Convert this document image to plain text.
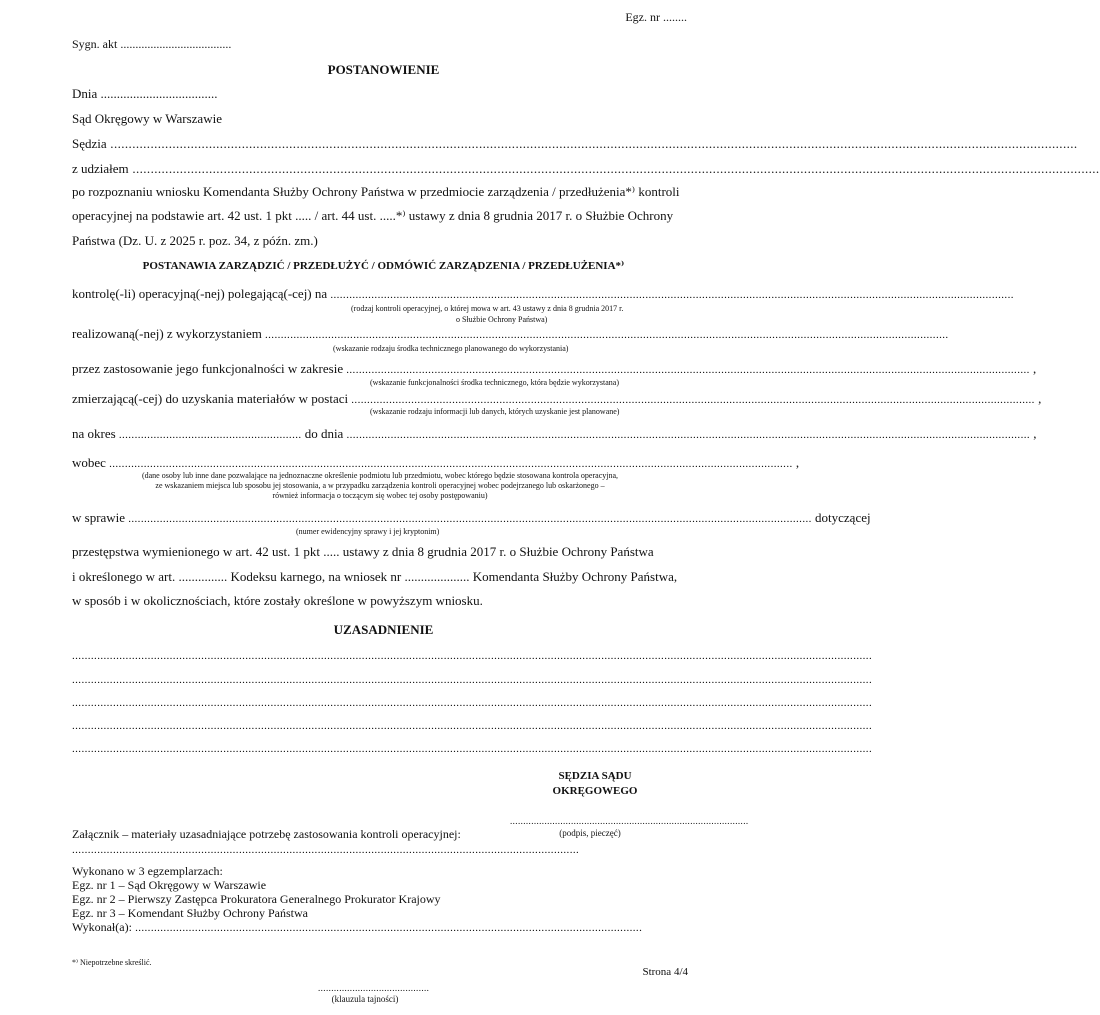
Egz. nr ........
Sygn. akt .....................................
POSTANOWIENIE
Dnia ....................................
Sąd Okręgowy w Warszawie
Sędzia .........................................................................................................................................................................................................................................................................
z udziałem .........................................................................................................................................................................................................................................................................
po rozpoznaniu wniosku Komendanta Służby Ochrony Państwa w przedmiocie zarządzenia / przedłużenia*⁾ kontroli
operacyjnej na podstawie art. 42 ust. 1 pkt ..... / art. 44 ust. .....*⁾ ustawy z dnia 8 grudnia 2017 r. o Służbie Ochrony
Państwa (Dz. U. z 2025 r. poz. 34, z późn. zm.)
POSTANAWIA ZARZĄDZIĆ / PRZEDŁUŻYĆ / ODMÓWIĆ ZARZĄDZENIA / PRZEDŁUŻENIA*⁾
kontrolę(-li) operacyjną(-nej) polegającą(-cej) na .........................................................................................................................................................................................................................
(rodzaj kontroli operacyjnej, o której mowa w art. 43 ustawy z dnia 8 grudnia 2017 r.
o Służbie Ochrony Państwa)
realizowaną(-nej) z wykorzystaniem .........................................................................................................................................................................................................................
(wskazanie rodzaju środka technicznego planowanego do wykorzystania)
przez zastosowanie jego funkcjonalności w zakresie ......................................................................................................................................................................................................................... ,
(wskazanie funkcjonalności środka technicznego, która będzie wykorzystana)
zmierzającą(-cej) do uzyskania materiałów w postaci ......................................................................................................................................................................................................................... ,
(wskazanie rodzaju informacji lub danych, których uzyskanie jest planowane)
na okres .......................................................... do dnia ......................................................................................................................................................................................................................... ,
wobec ......................................................................................................................................................................................................................... ,
(dane osoby lub inne dane pozwalające na jednoznaczne określenie podmiotu lub przedmiotu, wobec którego będzie stosowana kontrola operacyjna,
ze wskazaniem miejsca lub sposobu jej stosowania, a w przypadku zarządzenia kontroli operacyjnej wobec podejrzanego lub oskarżonego –
również informacja o toczącym się wobec tej osoby postępowaniu)
w sprawie .........................................................................................................................................................................................................................
dotyczącej
(numer ewidencyjny sprawy i jej kryptonim)
przestępstwa wymienionego w art. 42 ust. 1 pkt ..... ustawy z dnia 8 grudnia 2017 r. o Służbie Ochrony Państwa
i określonego w art. ............... Kodeksu karnego, na wniosek nr .................... Komendanta Służby Ochrony Państwa,
w sposób i w okolicznościach, które zostały określone w powyższym wniosku.
UZASADNIENIE
..............................................................................................................................................................................................................................................................
..............................................................................................................................................................................................................................................................
..............................................................................................................................................................................................................................................................
..............................................................................................................................................................................................................................................................
..............................................................................................................................................................................................................................................................
SĘDZIA SĄDU
OKRĘGOWEGO
..........................................................................................
(podpis, pieczęć)
Załącznik – materiały uzasadniające potrzebę zastosowania kontroli operacyjnej:
.................................................................................................................................................................
Wykonano w 3 egzemplarzach:
Egz. nr 1 – Sąd Okręgowy w Warszawie
Egz. nr 2 – Pierwszy Zastępca Prokuratora Generalnego Prokurator Krajowy
Egz. nr 3 – Komendant Służby Ochrony Państwa
Wykonał(a): .................................................................................................................................................................
*⁾ Niepotrzebne skreślić.
Strona 4/4
..........................................
(klauzula tajności)
